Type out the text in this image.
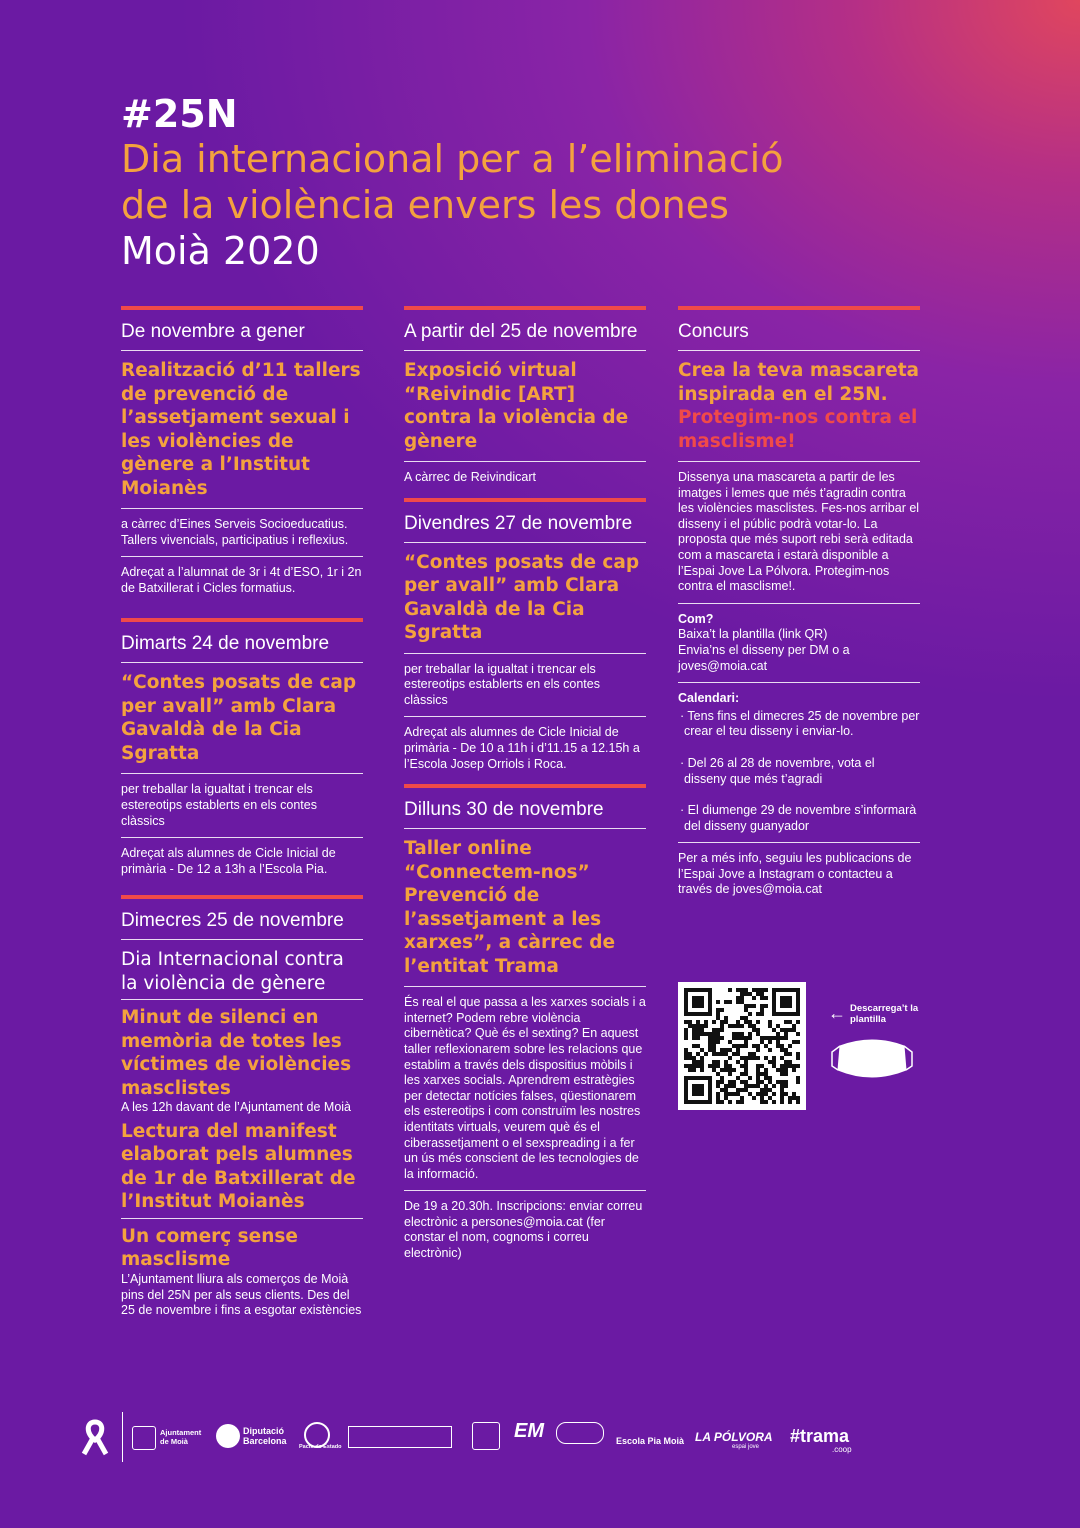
#25N
Dia internacional per a l’eliminació
de la violència envers les dones
Moià 2020
De novembre a gener
Realització d’11 tallers de prevenció de l’assetjament sexual i les violències de gènere a l’Institut Moianès
a càrrec d’Eines Serveis Socioeducatius. Tallers vivencials, participatius i reflexius.
Adreçat a l’alumnat de 3r i 4t d’ESO, 1r i 2n de Batxillerat i Cicles formatius.
Dimarts 24 de novembre
“Contes posats de cap per avall” amb Clara Gavaldà de la Cia Sgratta
per treballar la igualtat i trencar els estereotips establerts en els contes clàssics
Adreçat als alumnes de Cicle Inicial de primària - De 12 a 13h a l’Escola Pia.
Dimecres 25 de novembre
Dia Internacional contra la violència de gènere
Minut de silenci en memòria de totes les víctimes de violències masclistes
A les 12h davant de l’Ajuntament de Moià
Lectura del manifest elaborat pels alumnes de 1r de Batxillerat de l’Institut Moianès
Un comerç sense masclisme
L’Ajuntament lliura als comerços de Moià pins del 25N per als seus clients. Des del 25 de novembre i fins a esgotar existències
A partir del 25 de novembre
Exposició virtual “Reivindic [ART] contra la violència de gènere
A càrrec de Reivindicart
Divendres 27 de novembre
“Contes posats de cap per avall” amb Clara Gavaldà de la Cia Sgratta
per treballar la igualtat i trencar els estereotips establerts en els contes clàssics
Adreçat als alumnes de Cicle Inicial de primària - De 10 a 11h i d’11.15 a 12.15h a l’Escola Josep Orriols i Roca.
Dilluns 30 de novembre
Taller online “Connectem-nos” Prevenció de l’assetjament a les xarxes”, a càrrec de l’entitat Trama
És real el que passa a les xarxes socials i a internet? Podem rebre violència cibernètica? Què és el sexting? En aquest taller reflexionarem sobre les relacions que establim a través dels dispositius mòbils i les xarxes socials. Aprendrem estratègies per detectar notícies falses, qüestionarem els estereotips i com construïm les nostres identitats virtuals, veurem què és el ciberassetjament o el sexspreading i a fer un ús més conscient de les tecnologies de la informació.
De 19 a 20.30h. Inscripcions: enviar correu electrònic a persones@moia.cat (fer constar el nom, cognoms i correu electrònic)
Concurs
Crea la teva mascareta inspirada en el 25N.
Protegim-nos contra el masclisme!
Dissenya una mascareta a partir de les imatges i lemes que més t’agradin contra les violències masclistes. Fes-nos arribar el disseny i el públic podrà votar-lo. La proposta que més suport rebi serà editada com a mascareta i estarà disponible a l’Espai Jove La Pólvora. Protegim-nos contra el masclisme!.
Com?
Baixa’t la plantilla (link QR)
Envia’ns el disseny per DM o a joves@moia.cat
Calendari:
· Tens fins el dimecres 25 de novembre per crear el teu disseny i enviar-lo.
· Del 26 al 28 de novembre, vota el disseny que més t’agradi
· El diumenge 29 de novembre s’informarà del disseny guanyador
Per a més info, seguiu les publicacions de l’Espai Jove a Instagram o contacteu a través de joves@moia.cat
← Descarrega’t la plantilla
Ajuntament de Moià
Diputació Barcelona
Pacte de Estado
EM	Escola Pia Moià LA PÓLVORA
espai jove
#trama
.coop
